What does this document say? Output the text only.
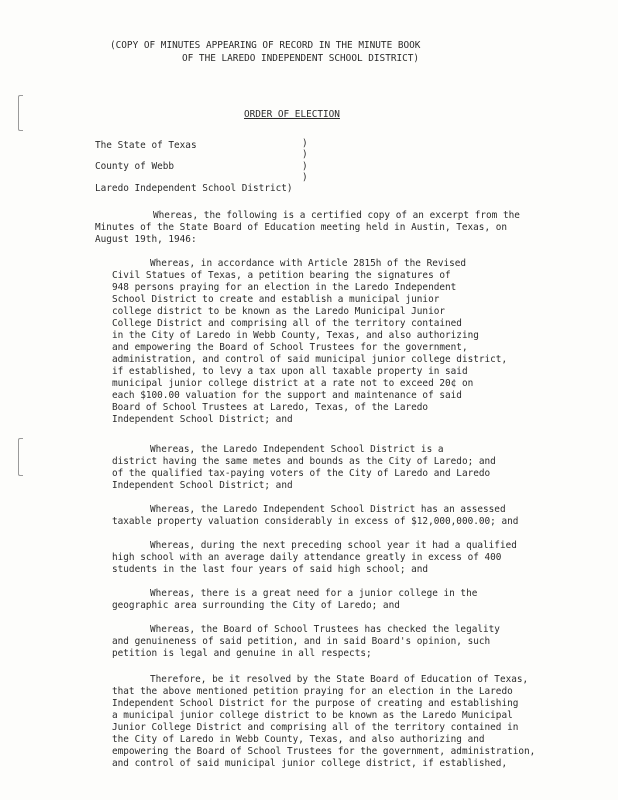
(COPY OF MINUTES APPEARING OF RECORD IN THE MINUTE BOOK
OF THE LAREDO INDEPENDENT SCHOOL DISTRICT)
ORDER OF ELECTION
The State of Texas	)
)
County of Webb	)
)
Laredo Independent School District)
Whereas, the following is a certified copy of an excerpt from the
Minutes of the State Board of Education meeting held in Austin, Texas, on
August 19th, 1946:
Whereas, in accordance with Article 2815h of the Revised
Civil Statues of Texas, a petition bearing the signatures of
948 persons praying for an election in the Laredo Independent
School District to create and establish a municipal junior
college district to be known as the Laredo Municipal Junior
College District and comprising all of the territory contained
in the City of Laredo in Webb County, Texas, and also authorizing
and empowering the Board of School Trustees for the government,
administration, and control of said municipal junior college district,
if established, to levy a tax upon all taxable property in said
municipal junior college district at a rate not to exceed 20¢ on
each $100.00 valuation for the support and maintenance of said
Board of School Trustees at Laredo, Texas, of the Laredo
Independent School District; and
Whereas, the Laredo Independent School District is a
district having the same metes and bounds as the City of Laredo; and
of the qualified tax-paying voters of the City of Laredo and Laredo
Independent School District; and
Whereas, the Laredo Independent School District has an assessed
taxable property valuation considerably in excess of $12,000,000.00; and
Whereas, during the next preceding school year it had a qualified
high school with an average daily attendance greatly in excess of 400
students in the last four years of said high school; and
Whereas, there is a great need for a junior college in the
geographic area surrounding the City of Laredo; and
Whereas, the Board of School Trustees has checked the legality
and genuineness of said petition, and in said Board's opinion, such
petition is legal and genuine in all respects;
Therefore, be it resolved by the State Board of Education of Texas,
that the above mentioned petition praying for an election in the Laredo
Independent School District for the purpose of creating and establishing
a municipal junior college district to be known as the Laredo Municipal
Junior College District and comprising all of the territory contained in
the City of Laredo in Webb County, Texas, and also authorizing and
empowering the Board of School Trustees for the government, administration,
and control of said municipal junior college district, if established,
